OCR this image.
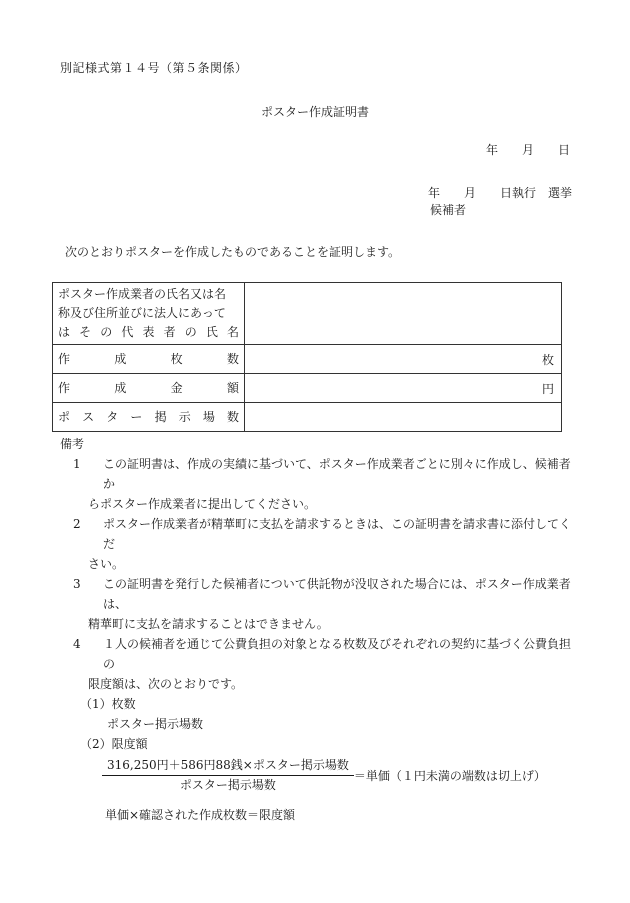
別記様式第１４号（第５条関係）
ポスター作成証明書
年　　月　　日
年　　月　　日執行　選挙
候補者
次のとおりポスターを作成したものであることを証明します。
ポスター作成業者の氏名又は名
称及び住所並びに法人にあって
はその代表者の氏名	

作成枚数	枚

作成金額	円

ポスター掲示場数	

備考
1	この証明書は、作成の実績に基づいて、ポスター作成業者ごとに別々に作成し、候補者か
らポスター作成業者に提出してください。
2	ポスター作成業者が精華町に支払を請求するときは、この証明書を請求書に添付してくだ
さい。
3	この証明書を発行した候補者について供託物が没収された場合には、ポスター作成業者は、
精華町に支払を請求することはできません。
4	１人の候補者を通じて公費負担の対象となる枚数及びそれぞれの契約に基づく公費負担の
限度額は、次のとおりです。
（1）枚数
ポスター掲示場数
（2）限度額
$\frac{\text{316,250円＋586円88銭×ポスター掲示場数}}{\text{ポスター掲示場数}}$ ＝単価（１円未満の端数は切上げ）
単価×確認された作成枚数＝限度額
